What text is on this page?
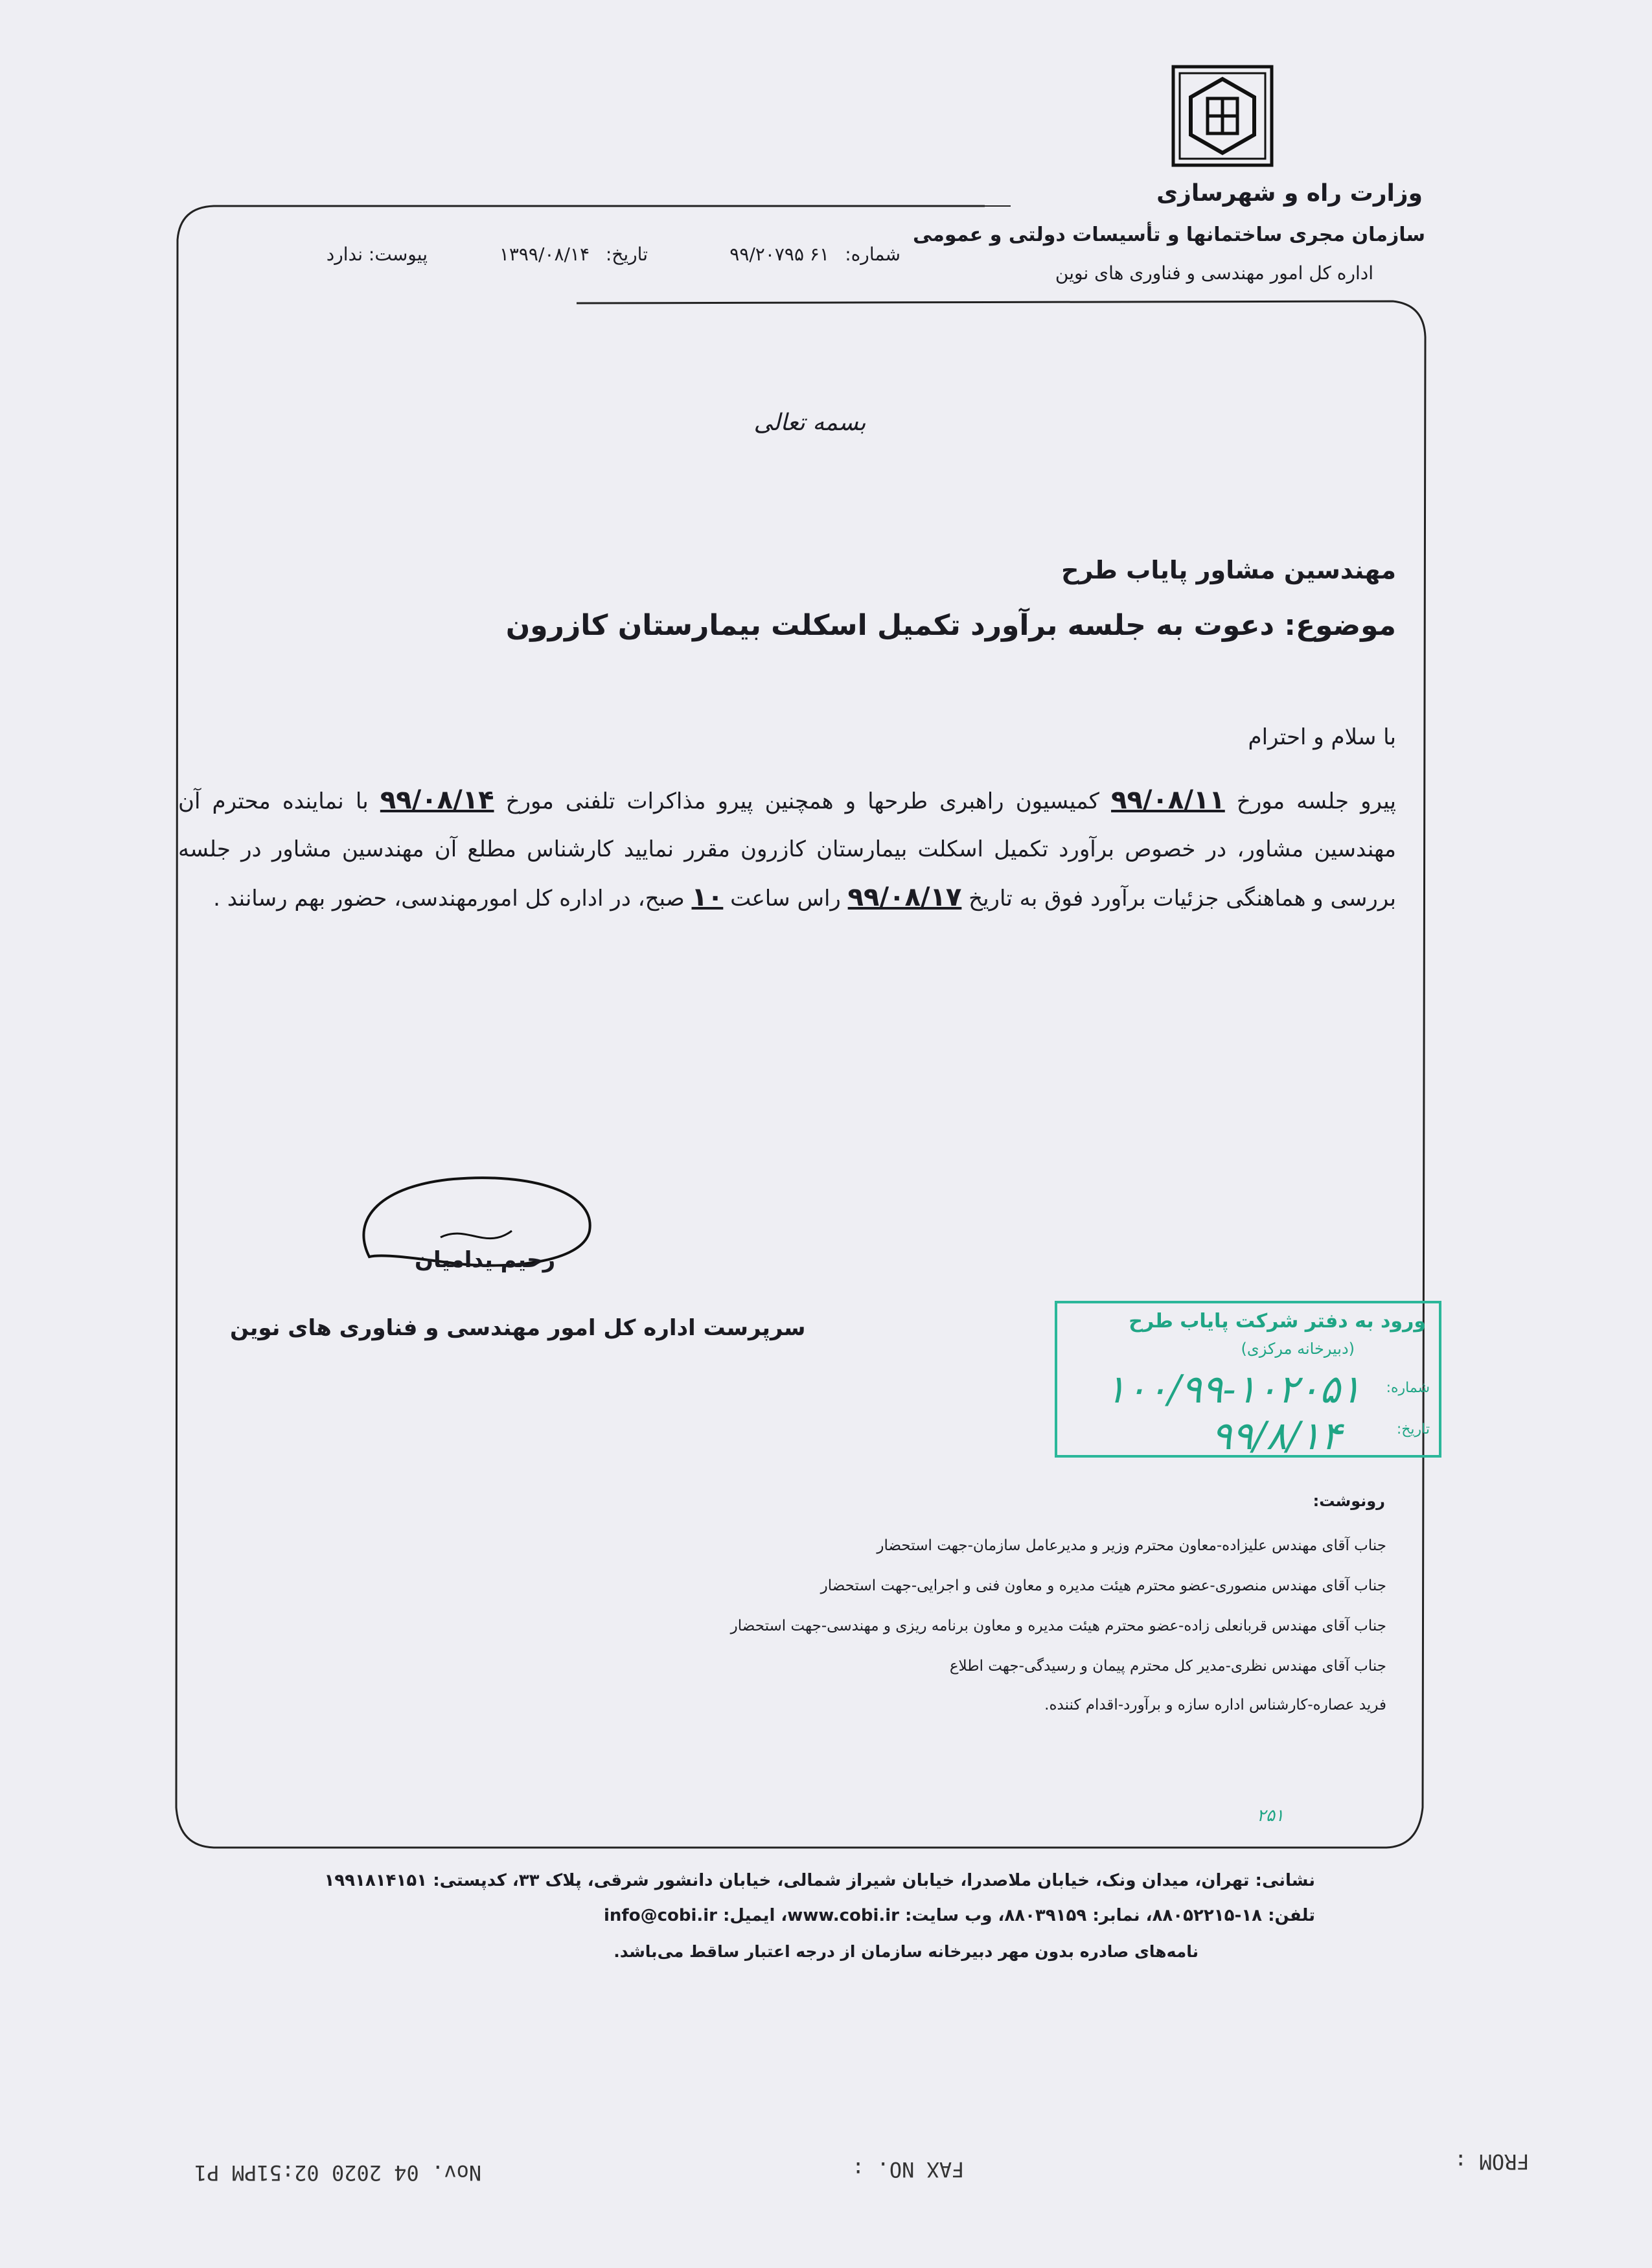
وزارت راه و شهرسازی
سازمان مجری ساختمانها و تأسیسات دولتی و عمومی
اداره کل امور مهندسی و فناوری های نوین
شماره:
۶۱ ۹۹/۲۰۷۹۵
تاریخ:
۱۳۹۹/۰۸/۱۴
پیوست:
ندارد
بسمه تعالی
مهندسین مشاور پایاب طرح
موضوع: دعوت به جلسه برآورد تکمیل اسکلت بیمارستان کازرون
با سلام و احترام
پیرو جلسه مورخ ۹۹/۰۸/۱۱ کمیسیون راهبری طرحها و همچنین پیرو مذاکرات تلفنی مورخ ۹۹/۰۸/۱۴ با نماینده محترم آن مهندسین مشاور، در خصوص برآورد تکمیل اسکلت بیمارستان کازرون مقرر نمایید کارشناس مطلع آن مهندسین مشاور در جلسه بررسی و هماهنگی جزئیات برآورد فوق به تاریخ ۹۹/۰۸/۱۷ راس ساعت ۱۰ صبح، در اداره کل امورمهندسی، حضور بهم رسانند .
رحیم یدامیان
سرپرست اداره کل امور مهندسی و فناوری های نوین	ورود به دفتر شرکت پایاب طرح
(دبیرخانه مرکزی)
شماره:
۱۰۰/۹۹-۱۰۲۰۵۱
تاریخ:
۹۹/۸/۱۴
رونوشت:
جناب آقای مهندس علیزاده-معاون محترم وزیر و مدیرعامل سازمان-جهت استحضار
جناب آقای مهندس منصوری-عضو محترم هیئت مدیره و معاون فنی و اجرایی-جهت استحضار
جناب آقای مهندس قربانعلی زاده-عضو محترم هیئت مدیره و معاون برنامه ریزی و مهندسی-جهت استحضار
جناب آقای مهندس نظری-مدیر کل محترم پیمان و رسیدگی-جهت اطلاع
فرید عصاره-کارشناس اداره سازه و برآورد-اقدام کننده.
۲۵۱
نشانی: تهران، میدان ونک، خیابان ملاصدرا، خیابان شیراز شمالی، خیابان دانشور شرقی، پلاک ۳۳، کدپستی: ۱۹۹۱۸۱۴۱۵۱
تلفن: ۱۸-۸۸۰۵۲۲۱۵، نمابر: ۸۸۰۳۹۱۵۹، وب سایت: www.cobi.ir، ایمیل: info@cobi.ir
نامه‌های صادره بدون مهر دبیرخانه سازمان از درجه اعتبار ساقط می‌باشد.
FROM :
FAX NO. :
Nov. 04 2020 02:51PM P1
